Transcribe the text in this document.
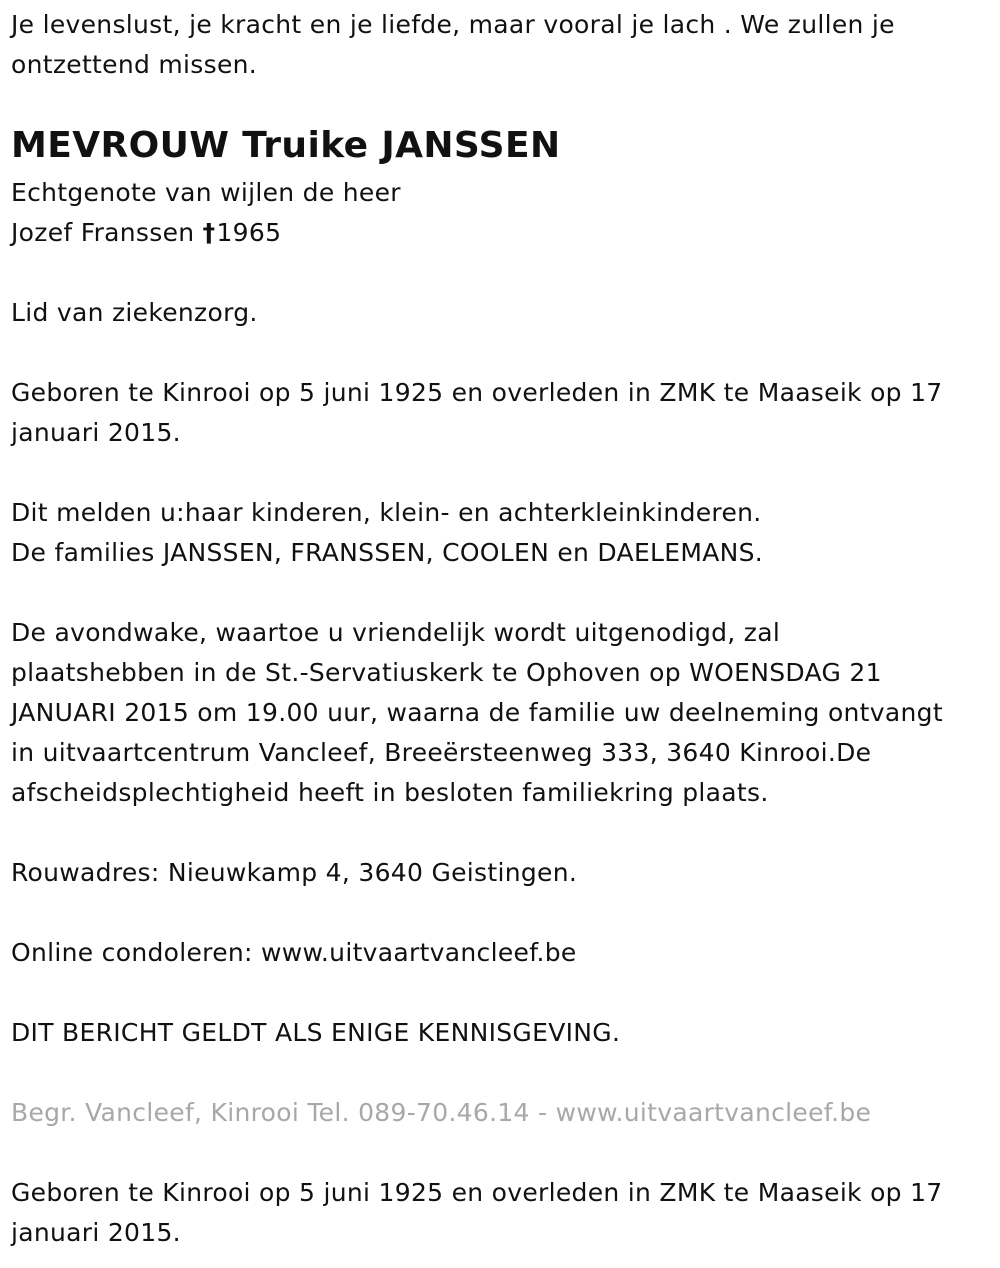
Je levenslust, je kracht en je liefde, maar vooral je lach . We zullen je
ontzettend missen.
MEVROUW Truike JANSSEN
Echtgenote van wijlen de heer
Jozef Franssen †1965
Lid van ziekenzorg.
Geboren te Kinrooi op 5 juni 1925 en overleden in ZMK te Maaseik op 17
januari 2015.
Dit melden u:haar kinderen, klein- en achterkleinkinderen.
De families JANSSEN, FRANSSEN, COOLEN en DAELEMANS.
De avondwake, waartoe u vriendelijk wordt uitgenodigd, zal
plaatshebben in de St.-Servatiuskerk te Ophoven op WOENSDAG 21
JANUARI 2015 om 19.00 uur, waarna de familie uw deelneming ontvangt
in uitvaartcentrum Vancleef, Breeërsteenweg 333, 3640 Kinrooi.De
afscheidsplechtigheid heeft in besloten familiekring plaats.
Rouwadres: Nieuwkamp 4, 3640 Geistingen.
Online condoleren: www.uitvaartvancleef.be
DIT BERICHT GELDT ALS ENIGE KENNISGEVING.
Begr. Vancleef, Kinrooi Tel. 089-70.46.14 - www.uitvaartvancleef.be
Geboren te Kinrooi op 5 juni 1925 en overleden in ZMK te Maaseik op 17
januari 2015.
